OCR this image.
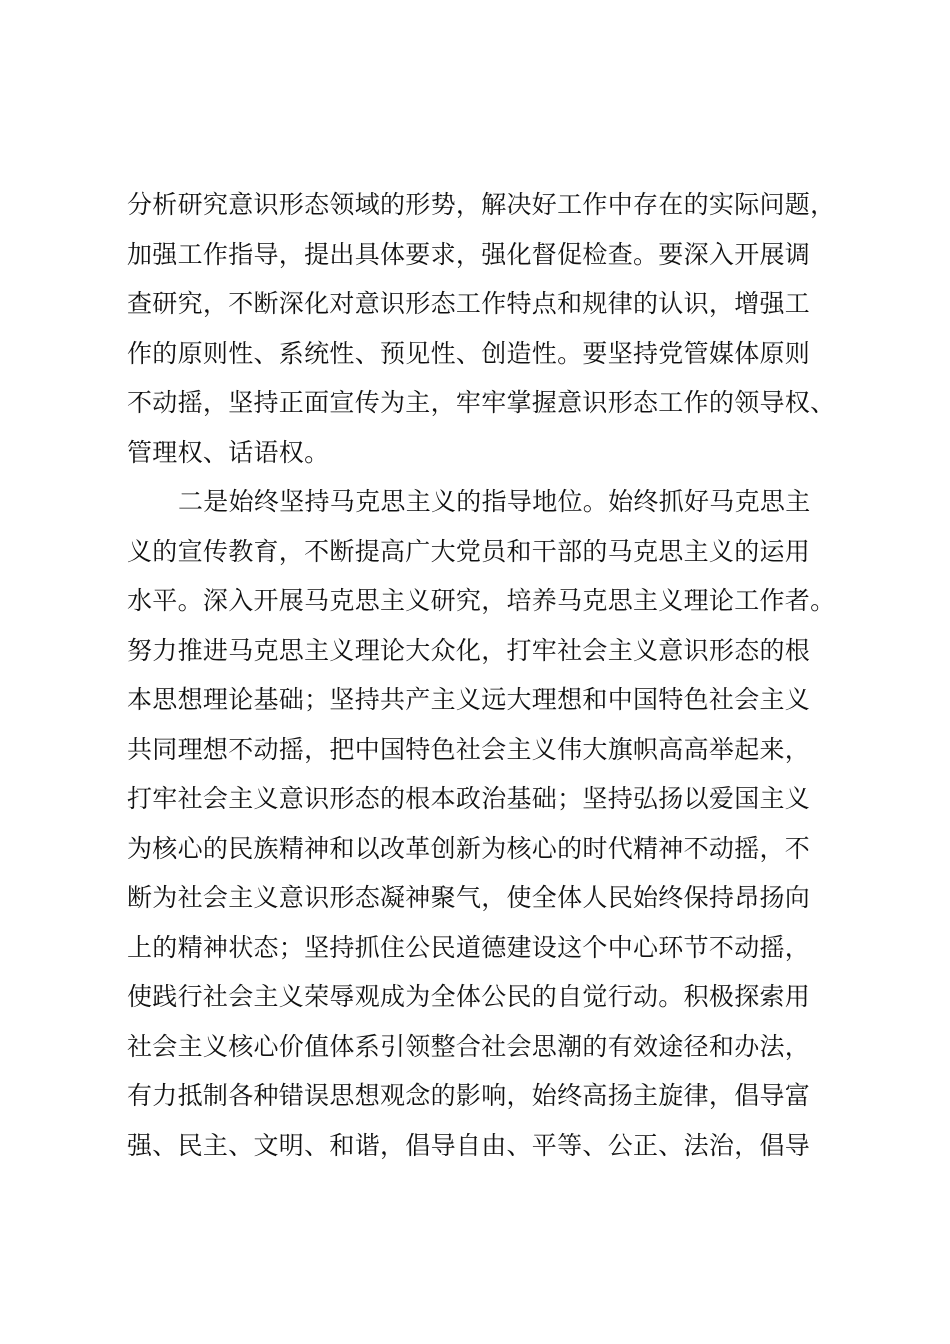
分析研究意识形态领域的形势，解决好工作中存在的实际问题，
加强工作指导，提出具体要求，强化督促检查。要深入开展调
查研究，不断深化对意识形态工作特点和规律的认识，增强工
作的原则性、系统性、预见性、创造性。要坚持党管媒体原则
不动摇，坚持正面宣传为主，牢牢掌握意识形态工作的领导权、
管理权、话语权。
二是始终坚持马克思主义的指导地位。始终抓好马克思主
义的宣传教育，不断提高广大党员和干部的马克思主义的运用
水平。深入开展马克思主义研究，培养马克思主义理论工作者。
努力推进马克思主义理论大众化，打牢社会主义意识形态的根
本思想理论基础；坚持共产主义远大理想和中国特色社会主义
共同理想不动摇，把中国特色社会主义伟大旗帜高高举起来，
打牢社会主义意识形态的根本政治基础；坚持弘扬以爱国主义
为核心的民族精神和以改革创新为核心的时代精神不动摇，不
断为社会主义意识形态凝神聚气，使全体人民始终保持昂扬向
上的精神状态；坚持抓住公民道德建设这个中心环节不动摇，
使践行社会主义荣辱观成为全体公民的自觉行动。积极探索用
社会主义核心价值体系引领整合社会思潮的有效途径和办法，
有力抵制各种错误思想观念的影响，始终高扬主旋律，倡导富
强、民主、文明、和谐，倡导自由、平等、公正、法治，倡导
